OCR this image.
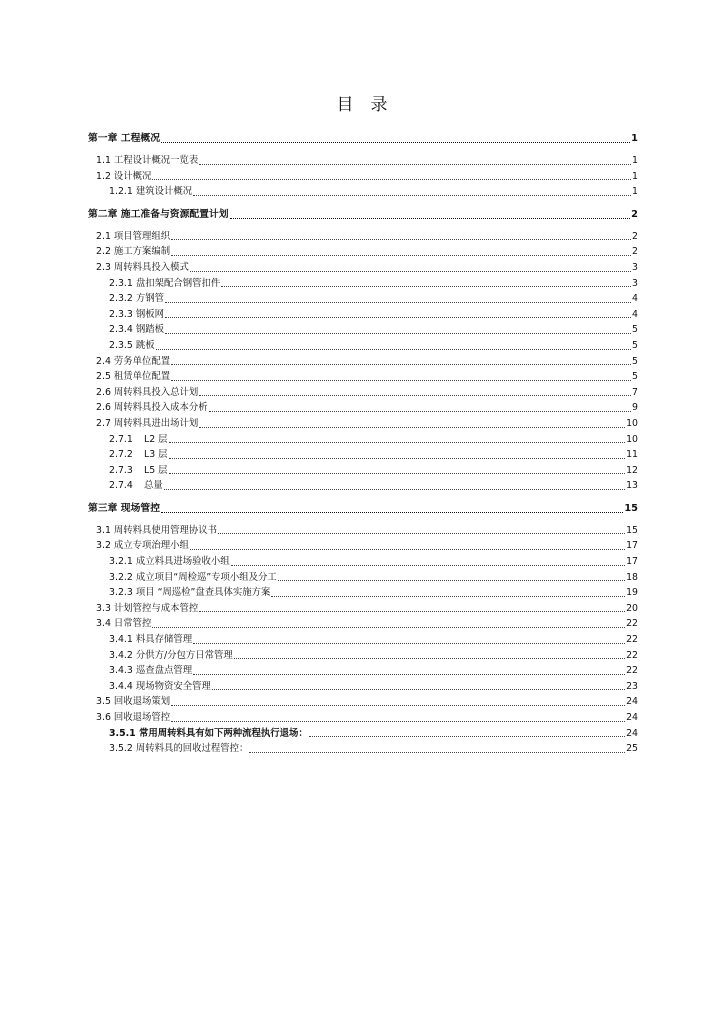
目　录
第一章 工程概况	1
1.1 工程设计概况一览表	1
1.2 设计概况	1
1.2.1 建筑设计概况	1
第二章 施工准备与资源配置计划	2
2.1 项目管理组织	2
2.2 施工方案编制	2
2.3 周转料具投入模式	3
2.3.1 盘扣架配合钢管扣件	3
2.3.2 方钢管	4
2.3.3 钢板网	4
2.3.4 钢踏板	5
2.3.5 跳板	5
2.4 劳务单位配置	5
2.5 租赁单位配置	5
2.6 周转料具投入总计划	7
2.6 周转料具投入成本分析	9
2.7 周转料具进出场计划	10
2.7.1 L2 层	10
2.7.2 L3 层	11
2.7.3 L5 层	12
2.7.4 总量	13
第三章 现场管控	15
3.1 周转料具使用管理协议书	15
3.2 成立专项治理小组	17
3.2.1 成立料具进场验收小组	17
3.2.2 成立项目“周检巡”专项小组及分工	18
3.2.3 项目 “周巡检”盘查具体实施方案	19
3.3 计划管控与成本管控	20
3.4 日常管控	22
3.4.1 料具存储管理	22
3.4.2 分供方/分包方日常管理	22
3.4.3 巡查盘点管理	22
3.4.4 现场物资安全管理	23
3.5 回收退场策划	24
3.6 回收退场管控	24
3.5.1 常用周转料具有如下两种流程执行退场：	24
3.5.2 周转料具的回收过程管控：	25
